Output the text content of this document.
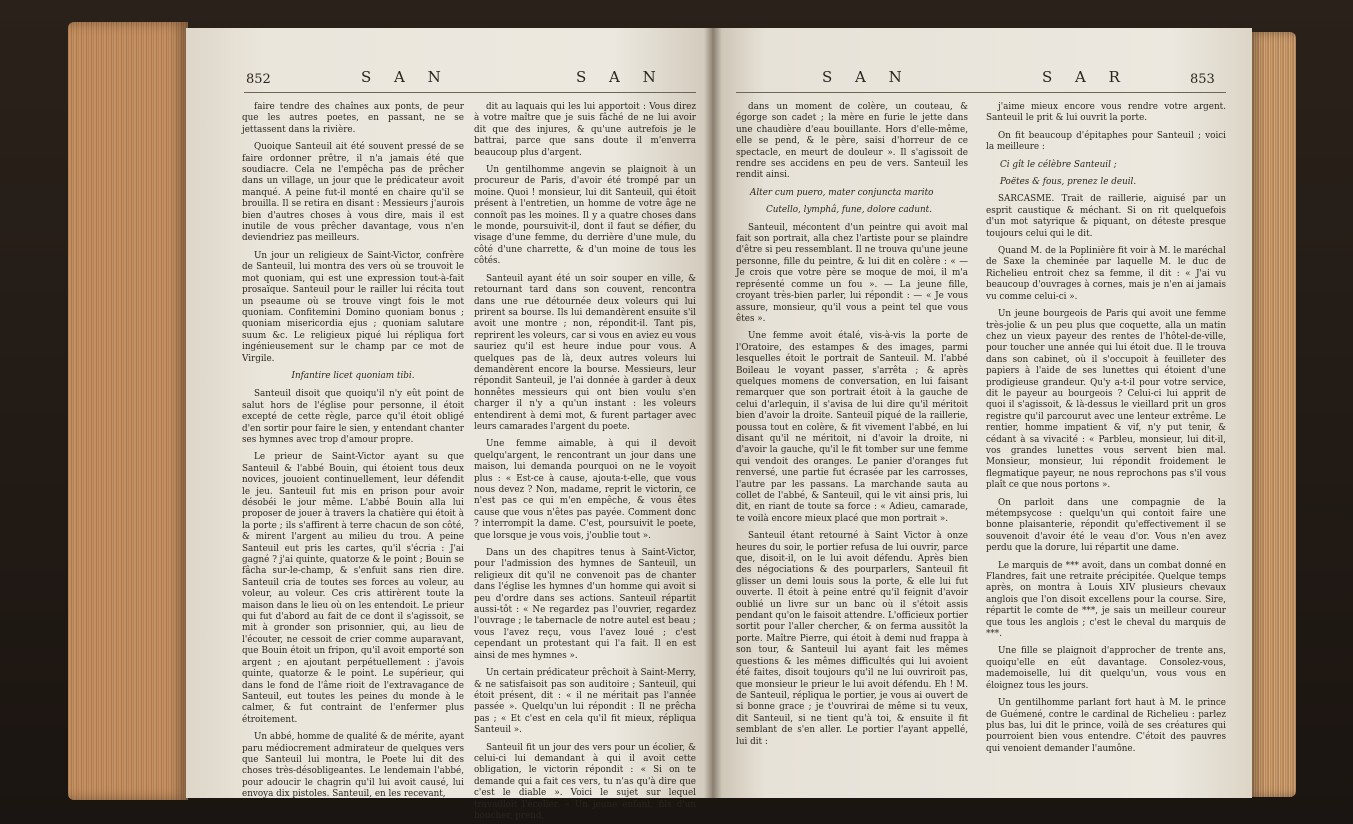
852	S A N	S A N

faire tendre des chaînes aux ponts, de peur que les autres poetes, en passant, ne se jettassent dans la rivière.

Quoique Santeuil ait été souvent pressé de se faire ordonner prêtre, il n'a jamais été que soudiacre. Cela ne l'empêcha pas de prêcher dans un village, un jour que le prédicateur avoit manqué. A peine fut-il monté en chaire qu'il se brouilla. Il se retira en disant : Messieurs j'aurois bien d'autres choses à vous dire, mais il est inutile de vous prêcher davantage, vous n'en deviendriez pas meilleurs.

Un jour un religieux de Saint-Victor, confrère de Santeuil, lui montra des vers où se trouvoit le mot quoniam, qui est une expression tout-à-fait prosaïque. Santeuil pour le railler lui récita tout un pseaume où se trouve vingt fois le mot quoniam. Confitemini Domino quoniam bonus ; quoniam misericordia ejus ; quoniam salutare suum &c. Le religieux piqué lui répliqua fort ingénieusement sur le champ par ce mot de Virgile.

Infantire licet quoniam tibi.

Santeuil disoit que quoiqu'il n'y eût point de salut hors de l'église pour personne, il étoit excepté de cette règle, parce qu'il étoit obligé d'en sortir pour faire le sien, y entendant chanter ses hymnes avec trop d'amour propre.

Le prieur de Saint-Victor ayant su que Santeuil & l'abbé Bouin, qui étoient tous deux novices, jouoient continuellement, leur défendit le jeu. Santeuil fut mis en prison pour avoir désobéi le jour même. L'abbé Bouin alla lui proposer de jouer à travers la chatière qui étoit à la porte ; ils s'affirent à terre chacun de son côté, & mirent l'argent au milieu du trou. A peine Santeuil eut pris les cartes, qu'il s'écria : J'ai gagné ? j'ai quinte, quatorze & le point ; Bouin se fâcha sur-le-champ, & s'enfuit sans rien dire. Santeuil cria de toutes ses forces au voleur, au voleur, au voleur. Ces cris attirèrent toute la maison dans le lieu où on les entendoit. Le prieur qui fut d'abord au fait de ce dont il s'agissoit, se mit à gronder son prisonnier, qui, au lieu de l'écouter, ne cessoit de crier comme auparavant, que Bouin étoit un fripon, qu'il avoit emporté son argent ; en ajoutant perpétuellement : j'avois quinte, quatorze & le point. Le supérieur, qui dans le fond de l'âme rioit de l'extravagance de Santeuil, eut toutes les peines du monde à le calmer, & fut contraint de l'enfermer plus étroitement.

Un abbé, homme de qualité & de mérite, ayant paru médiocrement admirateur de quelques vers que Santeuil lui montra, le Poete lui dit des choses très-désobligeantes. Le lendemain l'abbé, pour adoucir le chagrin qu'il lui avoit causé, lui envoya dix pistoles. Santeuil, en les recevant,

dit au laquais qui les lui apportoit : Vous direz à votre maître que je suis fâché de ne lui avoir dit que des injures, & qu'une autrefois je le battrai, parce que sans doute il m'enverra beaucoup plus d'argent.

Un gentilhomme angevin se plaignoit à un procureur de Paris, d'avoir été trompé par un moine. Quoi ! monsieur, lui dit Santeuil, qui étoit présent à l'entretien, un homme de votre âge ne connoît pas les moines. Il y a quatre choses dans le monde, poursuivit-il, dont il faut se défier, du visage d'une femme, du derrière d'une mule, du côté d'une charrette, & d'un moine de tous les côtés.

Santeuil ayant été un soir souper en ville, & retournant tard dans son couvent, rencontra dans une rue détournée deux voleurs qui lui prirent sa bourse. Ils lui demandèrent ensuite s'il avoit une montre ; non, répondit-il. Tant pis, reprirent les voleurs, car si vous en aviez eu vous sauriez qu'il est heure indue pour vous. A quelques pas de là, deux autres voleurs lui demandèrent encore la bourse. Messieurs, leur répondit Santeuil, je l'ai donnée à garder à deux honnêtes messieurs qui ont bien voulu s'en charger il n'y a qu'un instant : les voleurs entendirent à demi mot, & furent partager avec leurs camarades l'argent du poete.

Une femme aimable, à qui il devoit quelqu'argent, le rencontrant un jour dans une maison, lui demanda pourquoi on ne le voyoit plus : « Est-ce à cause, ajouta-t-elle, que vous nous devez ? Non, madame, reprit le victorin, ce n'est pas ce qui m'en empêche, & vous êtes cause que vous n'êtes pas payée. Comment donc ? interrompit la dame. C'est, poursuivit le poete, que lorsque je vous vois, j'oublie tout ».

Dans un des chapitres tenus à Saint-Victor, pour l'admission des hymnes de Santeuil, un religieux dit qu'il ne convenoit pas de chanter dans l'église les hymnes d'un homme qui avoit si peu d'ordre dans ses actions. Santeuil répartit aussi-tôt : « Ne regardez pas l'ouvrier, regardez l'ouvrage ; le tabernacle de notre autel est beau ; vous l'avez reçu, vous l'avez loué ; c'est cependant un protestant qui l'a fait. Il en est ainsi de mes hymnes ».

Un certain prédicateur prêchoit à Saint-Merry, & ne satisfaisoit pas son auditoire ; Santeuil, qui étoit présent, dit : « il ne méritait pas l'année passée ». Quelqu'un lui répondit : Il ne prêcha pas ; « Et c'est en cela qu'il fit mieux, répliqua Santeuil ».

Santeuil fit un jour des vers pour un écolier, & celui-ci lui demandant à qui il avoit cette obligation, le victorin répondit : « Si on te demande qui a fait ces vers, tu n'as qu'à dire que c'est le diable ». Voici le sujet sur lequel travailloit l'écolier. « Un jeune enfant, fils d'un boucher, prend,

S A N	S A R	853

dans un moment de colère, un couteau, & égorge son cadet ; la mère en furie le jette dans une chaudière d'eau bouillante. Hors d'elle-même, elle se pend, & le père, saisi d'horreur de ce spectacle, en meurt de douleur ». Il s'agissoit de rendre ses accidens en peu de vers. Santeuil les rendit ainsi.

Alter cum puero, mater conjuncta marito

Cutello, lymphâ, fune, dolore cadunt.

Santeuil, mécontent d'un peintre qui avoit mal fait son portrait, alla chez l'artiste pour se plaindre d'être si peu ressemblant. Il ne trouva qu'une jeune personne, fille du peintre, & lui dit en colère : « — Je crois que votre père se moque de moi, il m'a représenté comme un fou ». — La jeune fille, croyant très-bien parler, lui répondit : — « Je vous assure, monsieur, qu'il vous a peint tel que vous êtes ».

Une femme avoit étalé, vis-à-vis la porte de l'Oratoire, des estampes & des images, parmi lesquelles étoit le portrait de Santeuil. M. l'abbé Boileau le voyant passer, s'arrêta ; & après quelques momens de conversation, en lui faisant remarquer que son portrait étoit à la gauche de celui d'arlequin, il s'avisa de lui dire qu'il méritoit bien d'avoir la droite. Santeuil piqué de la raillerie, poussa tout en colère, & fit vivement l'abbé, en lui disant qu'il ne méritoit, ni d'avoir la droite, ni d'avoir la gauche, qu'il le fit tomber sur une femme qui vendoit des oranges. Le panier d'oranges fut renversé, une partie fut écrasée par les carrosses, l'autre par les passans. La marchande sauta au collet de l'abbé, & Santeuil, qui le vit ainsi pris, lui dit, en riant de toute sa force : « Adieu, camarade, te voilà encore mieux placé que mon portrait ».

Santeuil étant retourné à Saint Victor à onze heures du soir, le portier refusa de lui ouvrir, parce que, disoit-il, on le lui avoit défendu. Après bien des négociations & des pourparlers, Santeuil fit glisser un demi louis sous la porte, & elle lui fut ouverte. Il étoit à peine entré qu'il feignit d'avoir oublié un livre sur un banc où il s'étoit assis pendant qu'on le faisoit attendre. L'officieux portier sortit pour l'aller chercher, & on ferma aussitôt la porte. Maître Pierre, qui étoit à demi nud frappa à son tour, & Santeuil lui ayant fait les mêmes questions & les mêmes difficultés qui lui avoient été faites, disoit toujours qu'il ne lui ouvriroit pas, que monsieur le prieur le lui avoit défendu. Eh ! M. de Santeuil, répliqua le portier, je vous ai ouvert de si bonne grace ; je t'ouvrirai de même si tu veux, dit Santeuil, si ne tient qu'à toi, & ensuite il fit semblant de s'en aller. Le portier l'ayant appellé, lui dit :

j'aime mieux encore vous rendre votre argent. Santeuil le prit & lui ouvrit la porte.

On fit beaucoup d'épitaphes pour Santeuil ; voici la meilleure :

Ci gît le célèbre Santeuil ;

Poëtes & fous, prenez le deuil.

SARCASME. Trait de raillerie, aiguisé par un esprit caustique & méchant. Si on rit quelquefois d'un mot satyrique & piquant, on déteste presque toujours celui qui le dit.

Quand M. de la Poplinière fit voir à M. le maréchal de Saxe la cheminée par laquelle M. le duc de Richelieu entroit chez sa femme, il dit : « J'ai vu beaucoup d'ouvrages à cornes, mais je n'en ai jamais vu comme celui-ci ».

Un jeune bourgeois de Paris qui avoit une femme très-jolie & un peu plus que coquette, alla un matin chez un vieux payeur des rentes de l'hôtel-de-ville, pour toucher une année qui lui étoit due. Il le trouva dans son cabinet, où il s'occupoit à feuilleter des papiers à l'aide de ses lunettes qui étoient d'une prodigieuse grandeur. Qu'y a-t-il pour votre service, dit le payeur au bourgeois ? Celui-ci lui apprit de quoi il s'agissoit, & là-dessus le vieillard prit un gros registre qu'il parcourut avec une lenteur extrême. Le rentier, homme impatient & vif, n'y put tenir, & cédant à sa vivacité : « Parbleu, monsieur, lui dit-il, vos grandes lunettes vous servent bien mal. Monsieur, monsieur, lui répondit froidement le flegmatique payeur, ne nous reprochons pas s'il vous plaît ce que nous portons ».

On parloit dans une compagnie de la métempsycose : quelqu'un qui contoit faire une bonne plaisanterie, répondit qu'effectivement il se souvenoit d'avoir été le veau d'or. Vous n'en avez perdu que la dorure, lui répartit une dame.

Le marquis de *** avoit, dans un combat donné en Flandres, fait une retraite précipitée. Quelque temps après, on montra à Louis XIV plusieurs chevaux anglois que l'on disoit excellens pour la course. Sire, répartit le comte de ***, je sais un meilleur coureur que tous les anglois ; c'est le cheval du marquis de ***.

Une fille se plaignoit d'approcher de trente ans, quoiqu'elle en eût davantage. Consolez-vous, mademoiselle, lui dit quelqu'un, vous vous en éloignez tous les jours.

Un gentilhomme parlant fort haut à M. le prince de Guémené, contre le cardinal de Richelieu : parlez plus bas, lui dit le prince, voilà de ses créatures qui pourroient bien vous entendre. C'étoit des pauvres qui venoient demander l'aumône.
